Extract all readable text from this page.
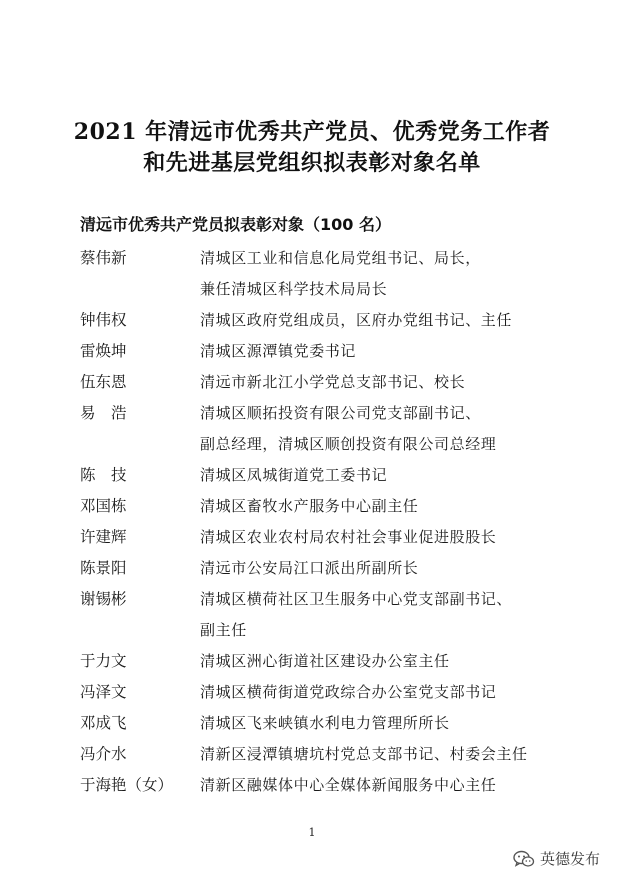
2021 年清远市优秀共产党员、优秀党务工作者
和先进基层党组织拟表彰对象名单
清远市优秀共产党员拟表彰对象（100 名）
蔡伟新	清城区工业和信息化局党组书记、局长，
兼任清城区科学技术局局长
钟伟权	清城区政府党组成员，区府办党组书记、主任
雷焕坤	清城区源潭镇党委书记
伍东恩	清远市新北江小学党总支部书记、校长
易　浩	清城区顺拓投资有限公司党支部副书记、
副总经理，清城区顺创投资有限公司总经理
陈　技	清城区凤城街道党工委书记
邓国栋	清城区畜牧水产服务中心副主任
许建辉	清城区农业农村局农村社会事业促进股股长
陈景阳	清远市公安局江口派出所副所长
谢锡彬	清城区横荷社区卫生服务中心党支部副书记、
副主任
于力文	清城区洲心街道社区建设办公室主任
冯泽文	清城区横荷街道党政综合办公室党支部书记
邓成飞	清城区飞来峡镇水利电力管理所所长
冯介水	清新区浸潭镇塘坑村党总支部书记、村委会主任
于海艳（女） 清新区融媒体中心全媒体新闻服务中心主任
1
英德发布
